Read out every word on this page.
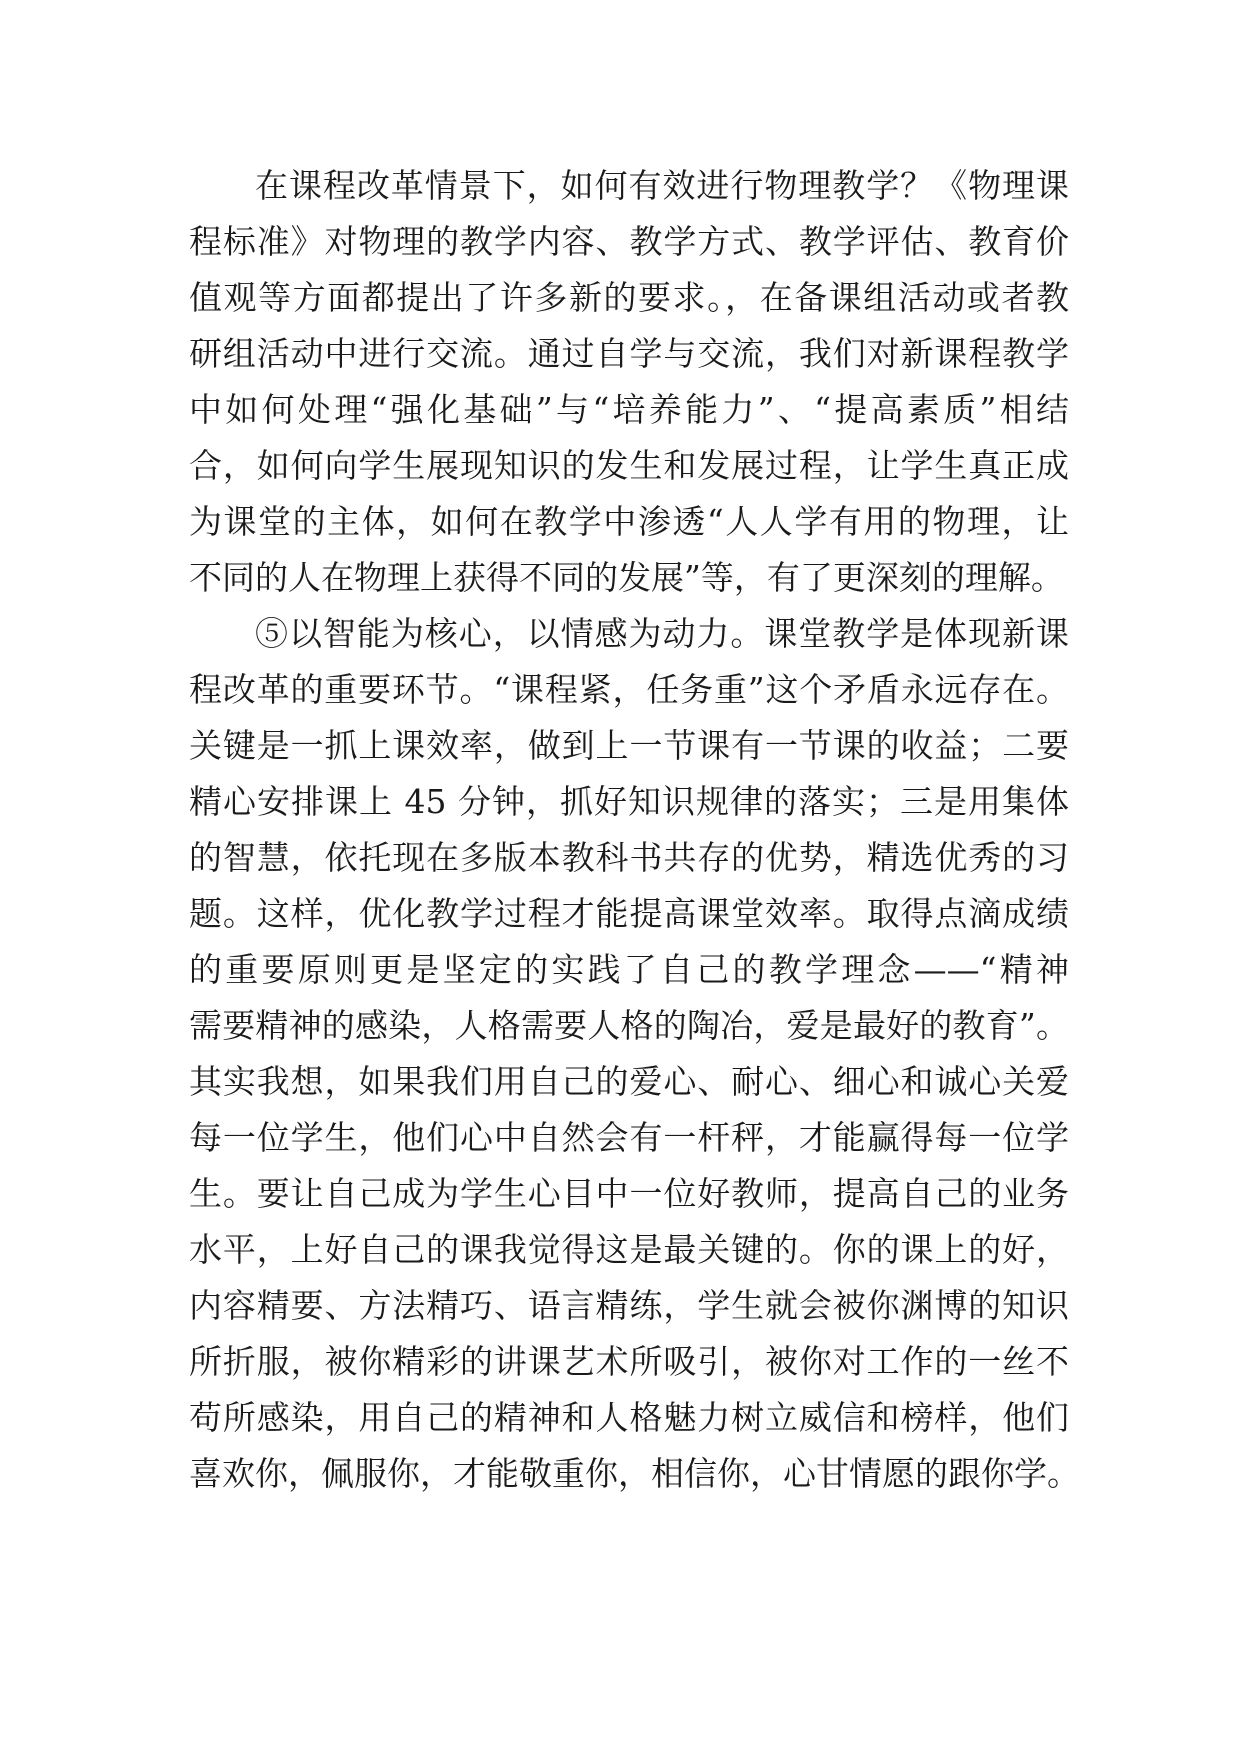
在课程改革情景下，如何有效进行物理教学？《物理课
程标准》对物理的教学内容、教学方式、教学评估、教育价
值观等方面都提出了许多新的要求。，在备课组活动或者教
研组活动中进行交流。通过自学与交流，我们对新课程教学
中如何处理“强化基础”与“培养能力”、“提高素质”相结
合，如何向学生展现知识的发生和发展过程，让学生真正成
为课堂的主体，如何在教学中渗透“人人学有用的物理，让
不同的人在物理上获得不同的发展”等，有了更深刻的理解。
⑤以智能为核心，以情感为动力。课堂教学是体现新课
程改革的重要环节。“课程紧，任务重”这个矛盾永远存在。
关键是一抓上课效率，做到上一节课有一节课的收益；二要
精心安排课上 45 分钟，抓好知识规律的落实；三是用集体
的智慧，依托现在多版本教科书共存的优势，精选优秀的习
题。这样，优化教学过程才能提高课堂效率。取得点滴成绩
的重要原则更是坚定的实践了自己的教学理念——“精神
需要精神的感染，人格需要人格的陶冶，爱是最好的教育”。
其实我想，如果我们用自己的爱心、耐心、细心和诚心关爱
每一位学生，他们心中自然会有一杆秤，才能赢得每一位学
生。要让自己成为学生心目中一位好教师，提高自己的业务
水平，上好自己的课我觉得这是最关键的。你的课上的好，
内容精要、方法精巧、语言精练，学生就会被你渊博的知识
所折服，被你精彩的讲课艺术所吸引，被你对工作的一丝不
苟所感染，用自己的精神和人格魅力树立威信和榜样，他们
喜欢你，佩服你，才能敬重你，相信你，心甘情愿的跟你学。
